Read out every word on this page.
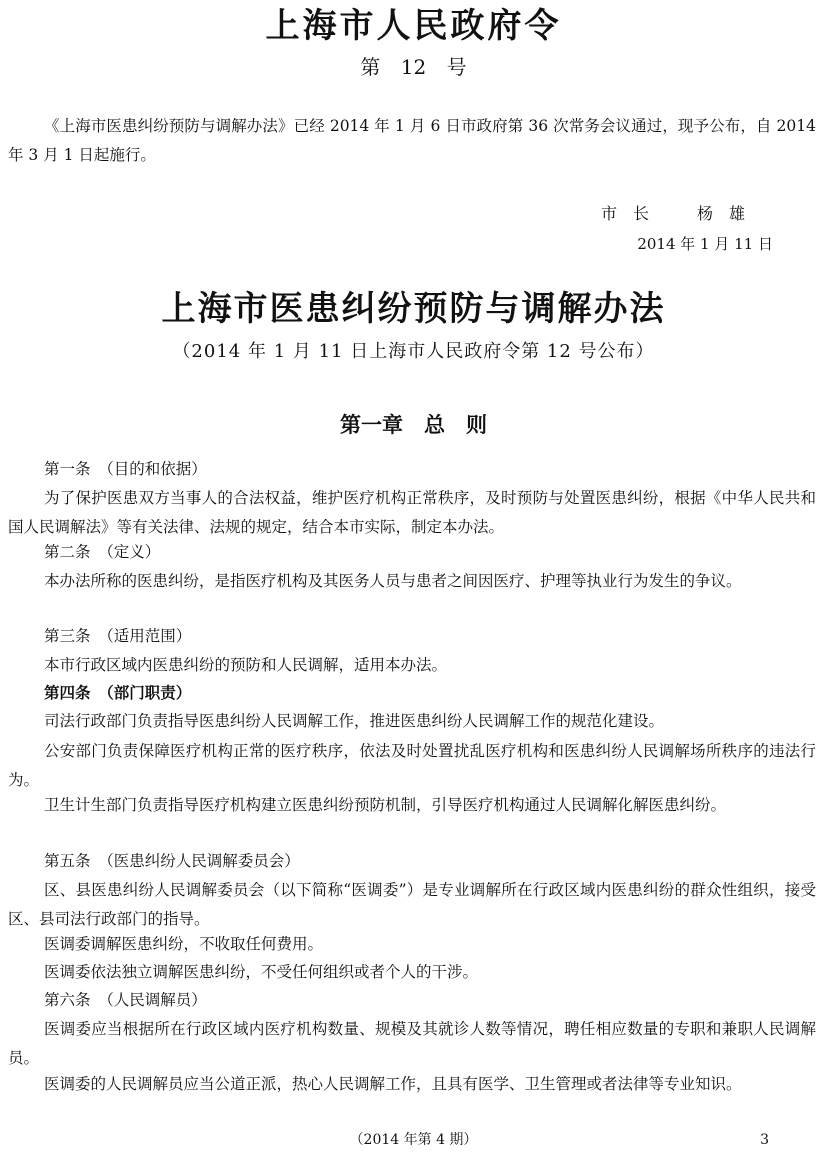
上海市人民政府令
第 12 号

《上海市医患纠纷预防与调解办法》已经 2014 年 1 月 6 日市政府第 36 次常务会议通过，现予公布，自 2014 年 3 月 1 日起施行。

市　长　　　杨　雄
2014 年 1 月 11 日
上海市医患纠纷预防与调解办法
（2014 年 1 月 11 日上海市人民政府令第 12 号公布）
第一章　总　则

第一条　（目的和依据）

为了保护医患双方当事人的合法权益，维护医疗机构正常秩序，及时预防与处置医患纠纷，根据《中华人民共和国人民调解法》等有关法律、法规的规定，结合本市实际，制定本办法。

第二条　（定义）

本办法所称的医患纠纷，是指医疗机构及其医务人员与患者之间因医疗、护理等执业行为发生的争议。

第三条　（适用范围）

本市行政区域内医患纠纷的预防和人民调解，适用本办法。

第四条　（部门职责）

司法行政部门负责指导医患纠纷人民调解工作，推进医患纠纷人民调解工作的规范化建设。

公安部门负责保障医疗机构正常的医疗秩序，依法及时处置扰乱医疗机构和医患纠纷人民调解场所秩序的违法行为。

卫生计生部门负责指导医疗机构建立医患纠纷预防机制，引导医疗机构通过人民调解化解医患纠纷。

第五条　（医患纠纷人民调解委员会）

区、县医患纠纷人民调解委员会（以下简称“医调委”）是专业调解所在行政区域内医患纠纷的群众性组织，接受区、县司法行政部门的指导。

医调委调解医患纠纷，不收取任何费用。

医调委依法独立调解医患纠纷，不受任何组织或者个人的干涉。

第六条　（人民调解员）

医调委应当根据所在行政区域内医疗机构数量、规模及其就诊人数等情况，聘任相应数量的专职和兼职人民调解员。

医调委的人民调解员应当公道正派，热心人民调解工作，且具有医学、卫生管理或者法律等专业知识。

（2014 年第 4 期）	3
